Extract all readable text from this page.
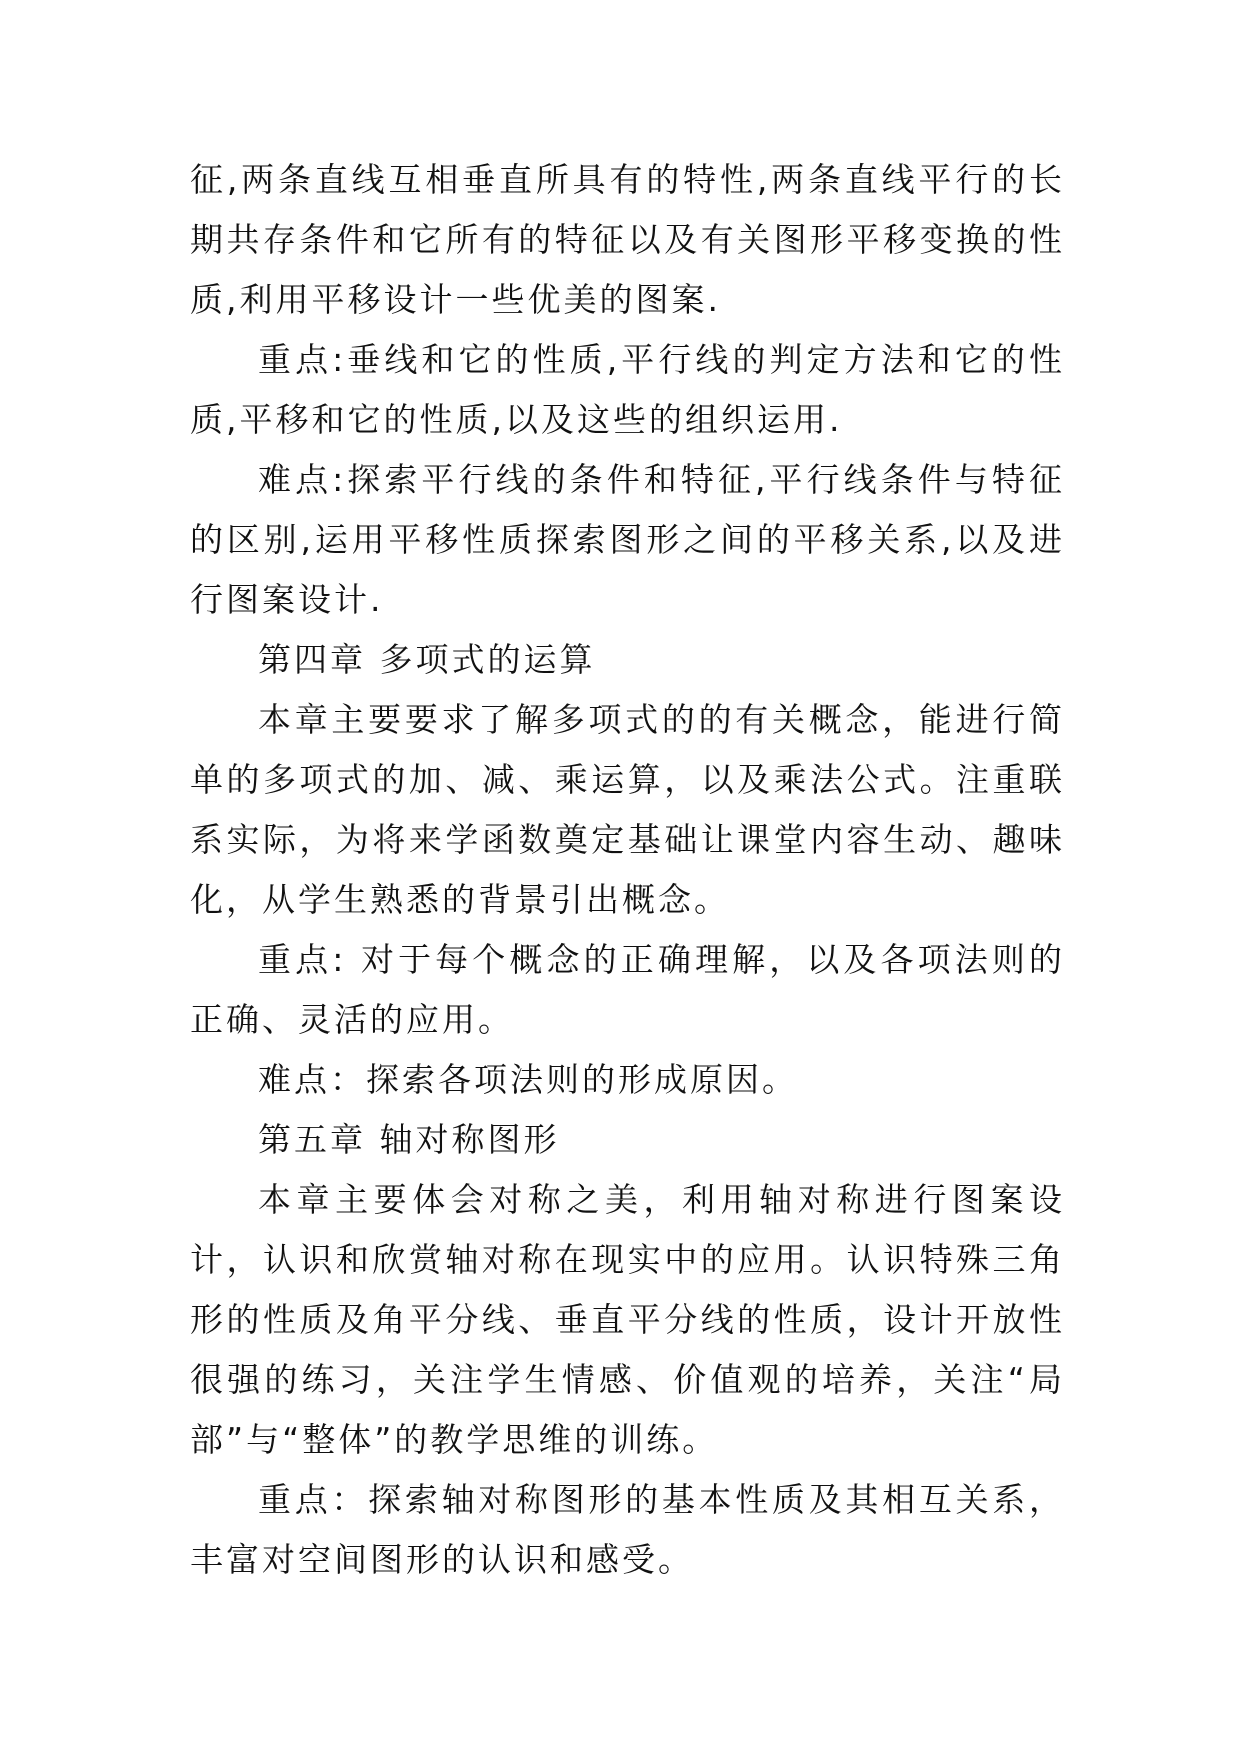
征,两条直线互相垂直所具有的特性,两条直线平行的长期共存条件和它所有的特征以及有关图形平移变换的性质,利用平移设计一些优美的图案.

重点:垂线和它的性质,平行线的判定方法和它的性质,平移和它的性质,以及这些的组织运用.

难点:探索平行线的条件和特征,平行线条件与特征的区别,运用平移性质探索图形之间的平移关系,以及进行图案设计.

第四章 多项式的运算

本章主要要求了解多项式的的有关概念，能进行简单的多项式的加、减、乘运算，以及乘法公式。注重联系实际，为将来学函数奠定基础让课堂内容生动、趣味化，从学生熟悉的背景引出概念。

重点: 对于每个概念的正确理解，以及各项法则的正确、灵活的应用。

难点：探索各项法则的形成原因。

第五章 轴对称图形

本章主要体会对称之美，利用轴对称进行图案设计，认识和欣赏轴对称在现实中的应用。认识特殊三角形的性质及角平分线、垂直平分线的性质，设计开放性很强的练习，关注学生情感、价值观的培养，关注“局部”与“整体”的教学思维的训练。

重点：探索轴对称图形的基本性质及其相互关系，丰富对空间图形的认识和感受。
